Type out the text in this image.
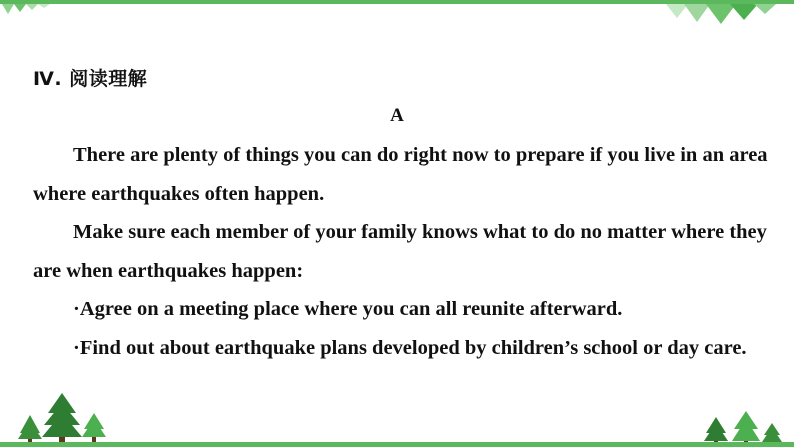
Ⅳ. 阅读理解
A

There are plenty of things you can do right now to prepare if you live in an area where earthquakes often happen.

Make sure each member of your family knows what to do no matter where they are when earthquakes happen:

·Agree on a meeting place where you can all reunite afterward.

·Find out about earthquake plans developed by children’s school or day care.
